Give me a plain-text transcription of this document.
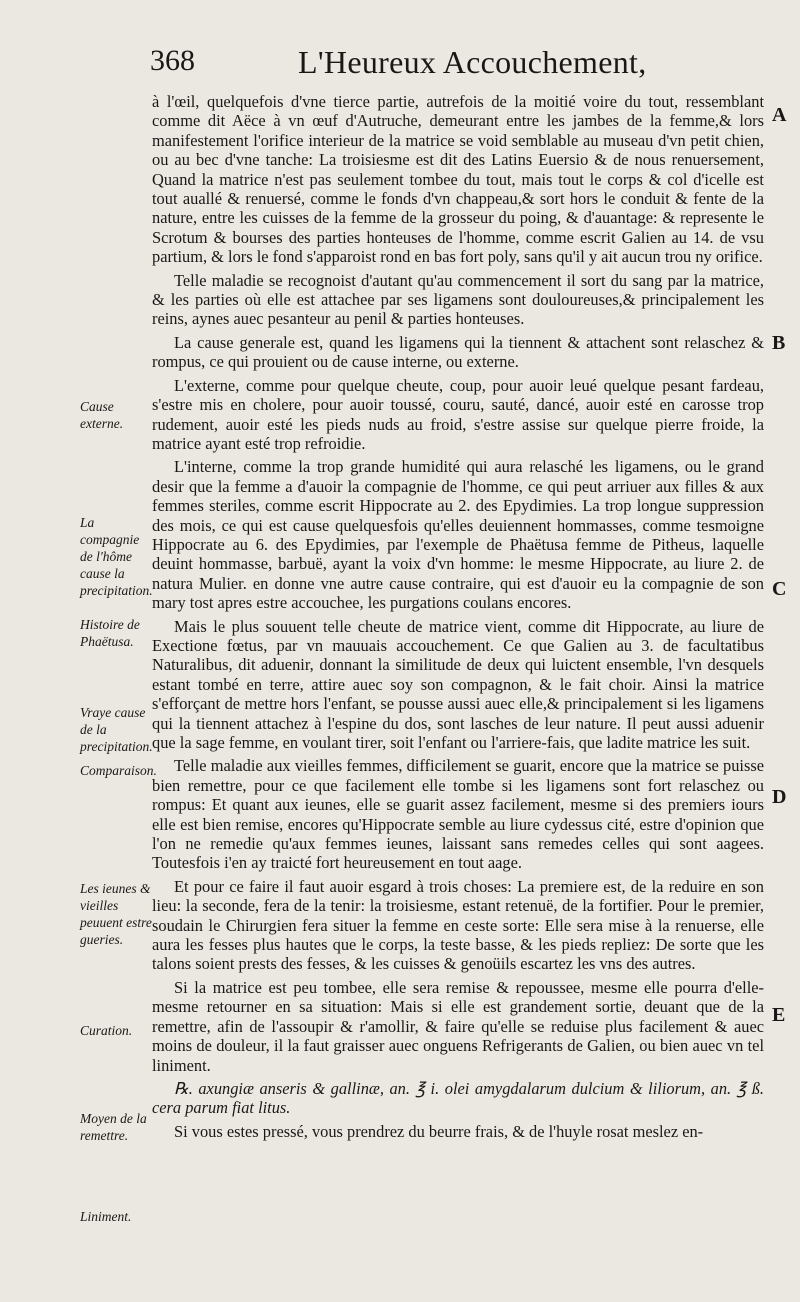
368	L'Heureux Accouchement,

à l'œil, quelquefois d'vne tierce partie, autrefois de la moitié voire du tout, ressemblant comme dit Aëce à vn œuf d'Autruche, demeurant entre les jambes de la femme,& lors manifestement l'orifice interieur de la matrice se void semblable au museau d'vn petit chien, ou au bec d'vne tanche: La troisiesme est dit des Latins Euersio & de nous renuersement, Quand la matrice n'est pas seulement tombee du tout, mais tout le corps & col d'icelle est tout auallé & renuersé, comme le fonds d'vn chappeau,& sort hors le conduit & fente de la nature, entre les cuisses de la femme de la grosseur du poing, & d'auantage: & represente le Scrotum & bourses des parties honteuses de l'homme, comme escrit Galien au 14. de vsu partium, & lors le fond s'apparoist rond en bas fort poly, sans qu'il y ait aucun trou ny orifice.

Telle maladie se recognoist d'autant qu'au commencement il sort du sang par la matrice, & les parties où elle est attachee par ses ligamens sont douloureuses,& principalement les reins, aynes auec pesanteur au penil & parties honteuses.

La cause generale est, quand les ligamens qui la tiennent & attachent sont relaschez & rompus, ce qui prouient ou de cause interne, ou externe.

L'externe, comme pour quelque cheute, coup, pour auoir leué quelque pesant fardeau, s'estre mis en cholere, pour auoir toussé, couru, sauté, dancé, auoir esté en carosse trop rudement, auoir esté les pieds nuds au froid, s'estre assise sur quelque pierre froide, la matrice ayant esté trop refroidie.

L'interne, comme la trop grande humidité qui aura relasché les ligamens, ou le grand desir que la femme a d'auoir la compagnie de l'homme, ce qui peut arriuer aux filles & aux femmes steriles, comme escrit Hippocrate au 2. des Epydimies. La trop longue suppression des mois, ce qui est cause quelquesfois qu'elles deuiennent hommasses, comme tesmoigne Hippocrate au 6. des Epydimies, par l'exemple de Phaëtusa femme de Pitheus, laquelle deuint hommasse, barbuë, ayant la voix d'vn homme: le mesme Hippocrate, au liure 2. de natura Mulier. en donne vne autre cause contraire, qui est d'auoir eu la compagnie de son mary tost apres estre accouchee, les purgations coulans encores.

Mais le plus souuent telle cheute de matrice vient, comme dit Hippocrate, au liure de Exectione fœtus, par vn mauuais accouchement. Ce que Galien au 3. de facultatibus Naturalibus, dit aduenir, donnant la similitude de deux qui luictent ensemble, l'vn desquels estant tombé en terre, attire auec soy son compagnon, & le fait choir. Ainsi la matrice s'efforçant de mettre hors l'enfant, se pousse aussi auec elle,& principalement si les ligamens qui la tiennent attachez à l'espine du dos, sont lasches de leur nature. Il peut aussi aduenir que la sage femme, en voulant tirer, soit l'enfant ou l'arriere-fais, que ladite matrice les suit.

Telle maladie aux vieilles femmes, difficilement se guarit, encore que la matrice se puisse bien remettre, pour ce que facilement elle tombe si les ligamens sont fort relaschez ou rompus: Et quant aux ieunes, elle se guarit assez facilement, mesme si des premiers iours elle est bien remise, encores qu'Hippocrate semble au liure cydessus cité, estre d'opinion que l'on ne remedie qu'aux femmes ieunes, laissant sans remedes celles qui sont aagees. Toutesfois i'en ay traicté fort heureusement en tout aage.

Et pour ce faire il faut auoir esgard à trois choses: La premiere est, de la reduire en son lieu: la seconde, fera de la tenir: la troisiesme, estant retenuë, de la fortifier. Pour le premier, soudain le Chirurgien fera situer la femme en ceste sorte: Elle sera mise à la renuerse, elle aura les fesses plus hautes que le corps, la teste basse, & les pieds repliez: De sorte que les talons soient prests des fesses, & les cuisses & genoüils escartez les vns des autres.

Si la matrice est peu tombee, elle sera remise & repoussee, mesme elle pourra d'elle-mesme retourner en sa situation: Mais si elle est grandement sortie, deuant que de la remettre, afin de l'assoupir & r'amollir, & faire qu'elle se reduise plus facilement & auec moins de douleur, il la faut graisser auec onguens Refrigerants de Galien, ou bien auec vn tel liniment.

℞. axungiæ anseris & gallinæ, an. ℥ i. olei amygdalarum dulcium & liliorum, an. ℥ ß. cera parum fiat litus.

Si vous estes pressé, vous prendrez du beurre frais, & de l'huyle rosat meslez en-

Cause externe.
La compagnie de l'hôme cause la precipitation.
Histoire de Phaëtusa.
Vraye cause de la precipitation.
Comparaison.
Les ieunes & vieilles peuuent estre gueries.
Curation.
Moyen de la remettre.
Liniment.
A
B
C
D
E
